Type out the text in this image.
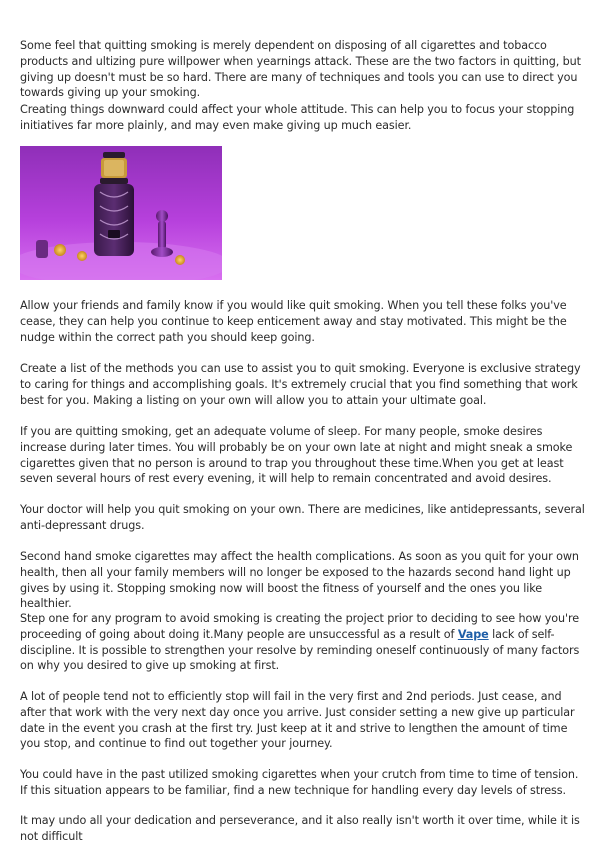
Some feel that quitting smoking is merely dependent on disposing of all cigarettes and tobacco products and ultizing pure willpower when yearnings attack. These are the two factors in quitting, but giving up doesn't must be so hard. There are many of techniques and tools you can use to direct you towards giving up your smoking.

Creating things downward could affect your whole attitude. This can help you to focus your stopping initiatives far more plainly, and may even make giving up much easier.

Allow your friends and family know if you would like quit smoking. When you tell these folks you've cease, they can help you continue to keep enticement away and stay motivated. This might be the nudge within the correct path you should keep going.

Create a list of the methods you can use to assist you to quit smoking. Everyone is exclusive strategy to caring for things and accomplishing goals. It's extremely crucial that you find something that work best for you. Making a listing on your own will allow you to attain your ultimate goal.

If you are quitting smoking, get an adequate volume of sleep. For many people, smoke desires increase during later times. You will probably be on your own late at night and might sneak a smoke cigarettes given that no person is around to trap you throughout these time.When you get at least seven several hours of rest every evening, it will help to remain concentrated and avoid desires.

Your doctor will help you quit smoking on your own. There are medicines, like antidepressants, several anti-depressant drugs.

Second hand smoke cigarettes may affect the health complications. As soon as you quit for your own health, then all your family members will no longer be exposed to the hazards second hand light up gives by using it. Stopping smoking now will boost the fitness of yourself and the ones you like healthier.

Step one for any program to avoid smoking is creating the project prior to deciding to see how you're proceeding of going about doing it.Many people are unsuccessful as a result of Vape lack of self-discipline. It is possible to strengthen your resolve by reminding oneself continuously of many factors on why you desired to give up smoking at first.

A lot of people tend not to efficiently stop will fail in the very first and 2nd periods. Just cease, and after that work with the very next day once you arrive. Just consider setting a new give up particular date in the event you crash at the first try. Just keep at it and strive to lengthen the amount of time you stop, and continue to find out together your journey.

You could have in the past utilized smoking cigarettes when your crutch from time to time of tension. If this situation appears to be familiar, find a new technique for handling every day levels of stress.

It may undo all your dedication and perseverance, and it also really isn't worth it over time, while it is not difficult
